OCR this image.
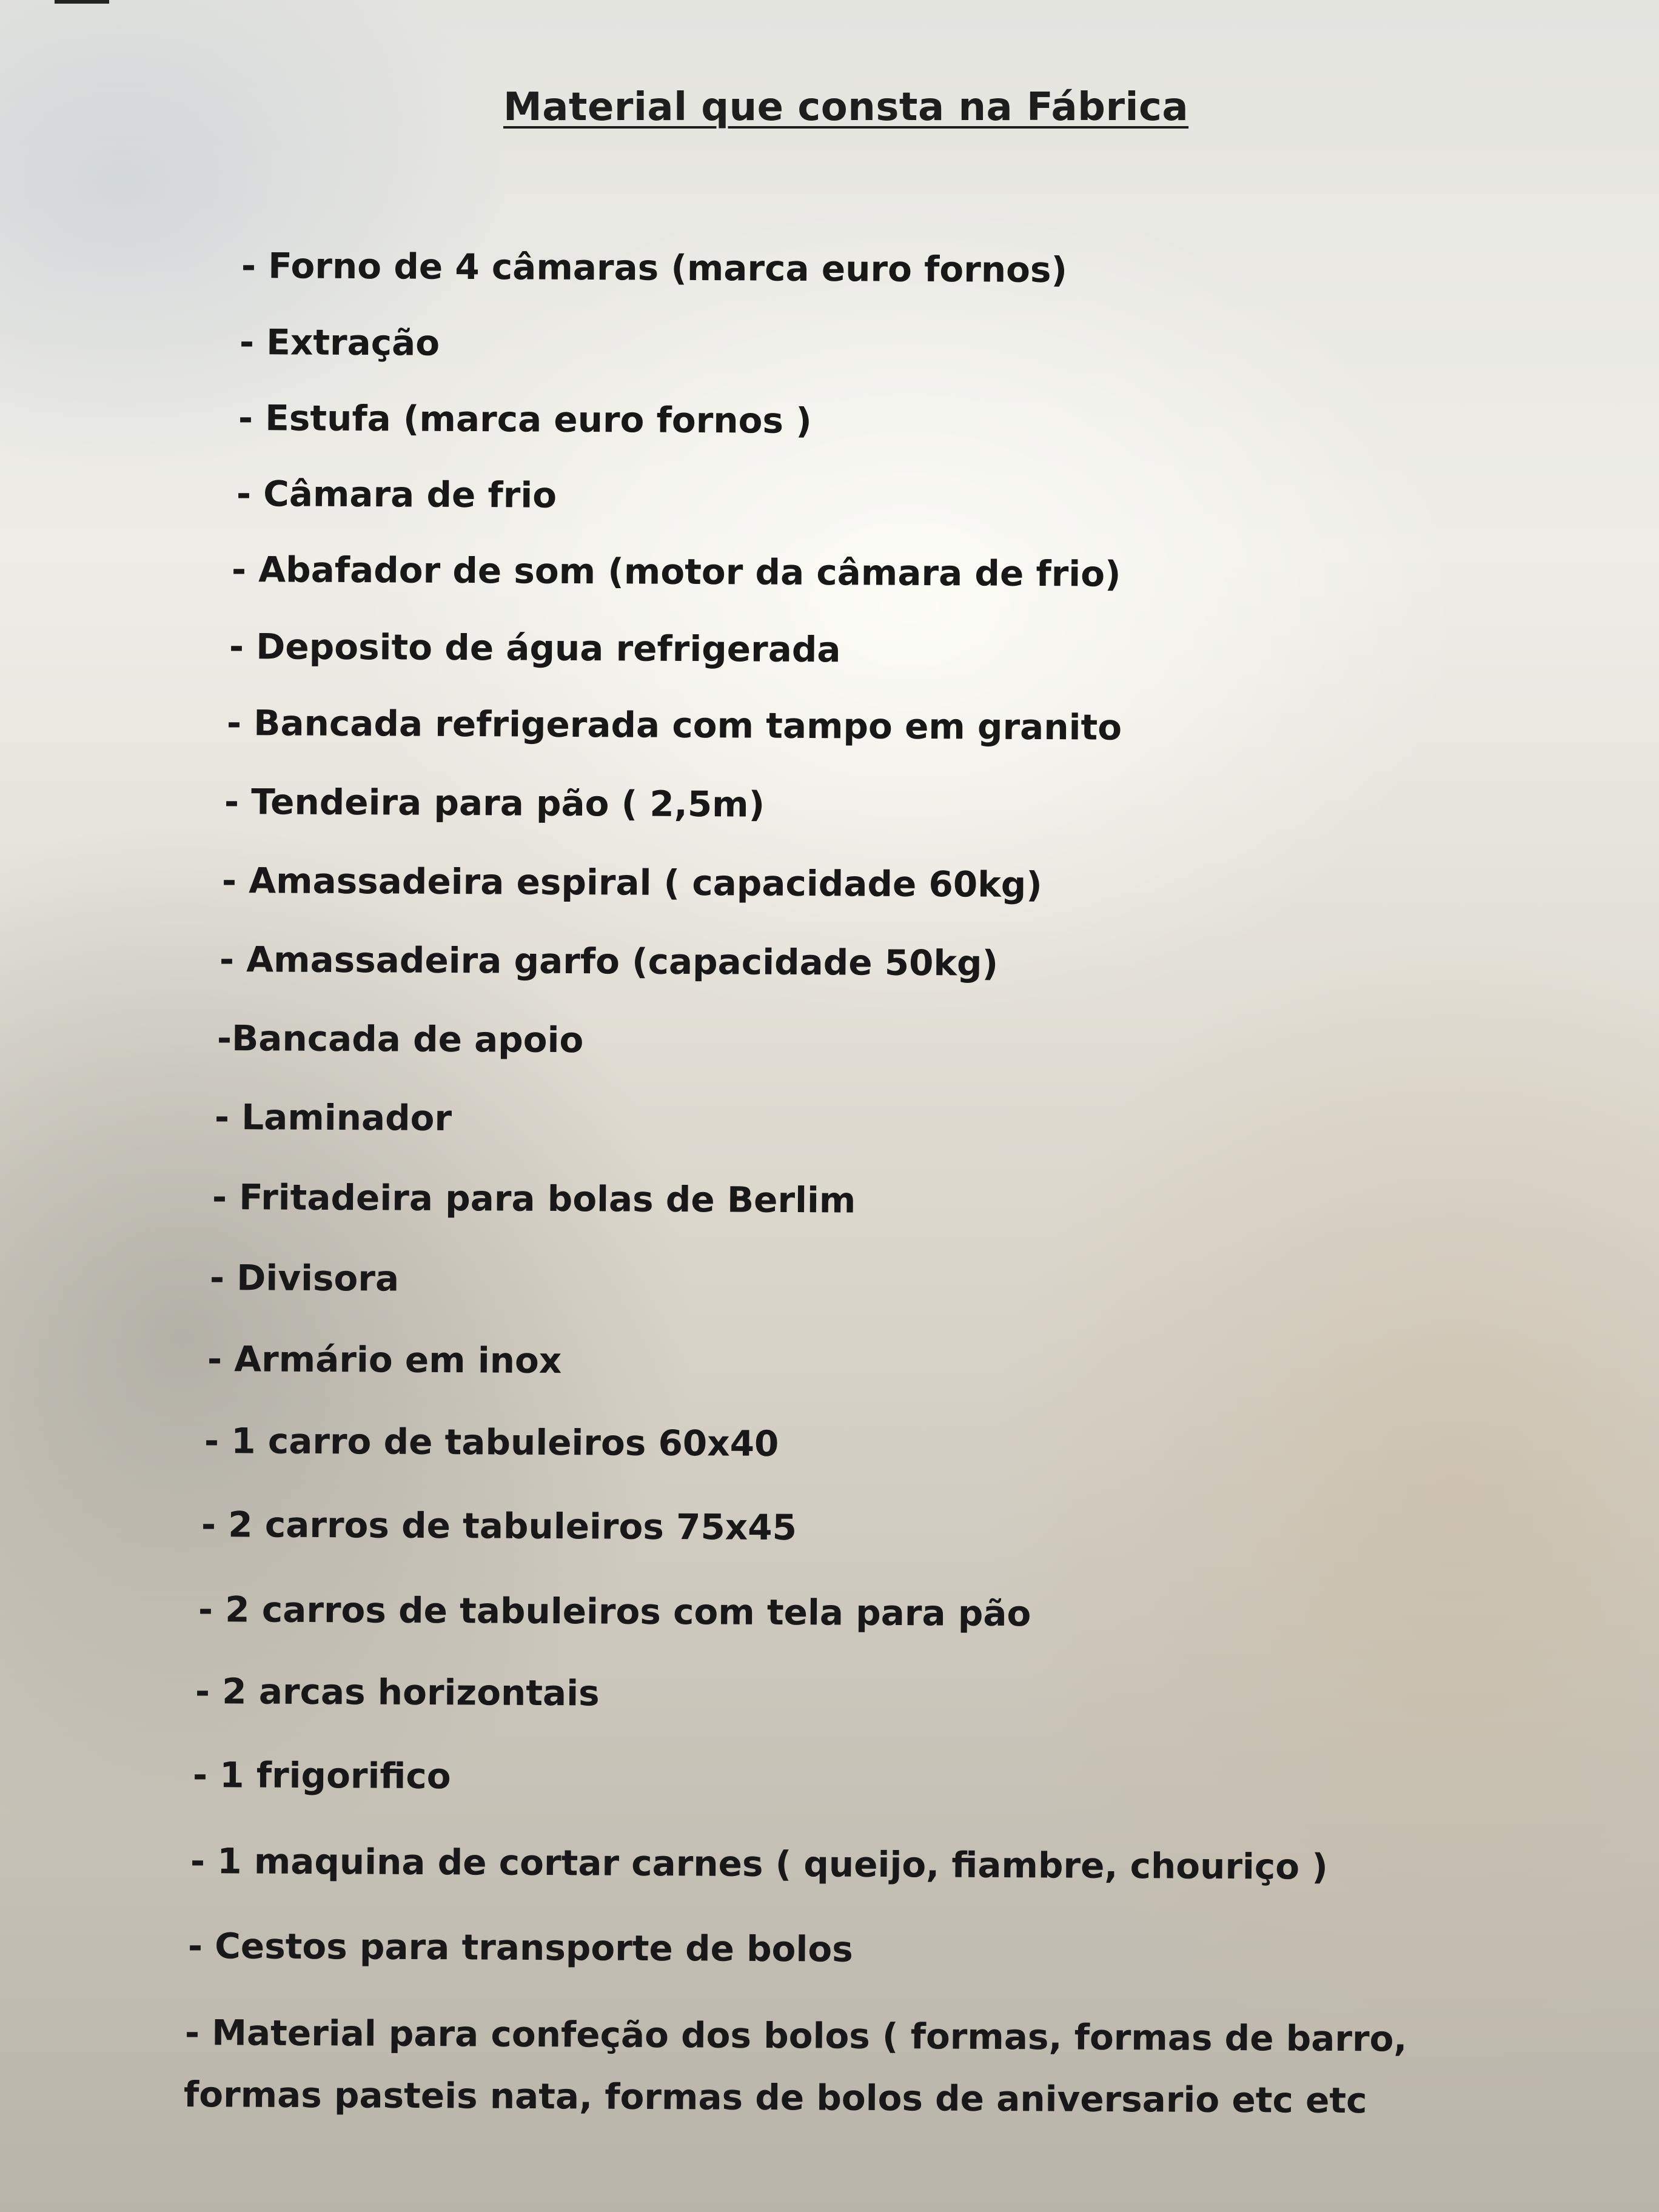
Material que consta na Fábrica
- Forno de 4 câmaras (marca euro fornos)
- Extração
- Estufa (marca euro fornos )
- Câmara de frio
- Abafador de som (motor da câmara de frio)
- Deposito de água refrigerada
- Bancada refrigerada com tampo em granito
- Tendeira para pão ( 2,5m)
- Amassadeira espiral ( capacidade 60kg)
- Amassadeira garfo (capacidade 50kg)
-Bancada de apoio
- Laminador
- Fritadeira para bolas de Berlim
- Divisora
- Armário em inox
- 1 carro de tabuleiros 60x40
- 2 carros de tabuleiros 75x45
- 2 carros de tabuleiros com tela para pão
- 2 arcas horizontais
- 1 frigorifico
- 1 maquina de cortar carnes ( queijo, fiambre, chouriço )
- Cestos para transporte de bolos
- Material para confeção dos bolos ( formas, formas de barro,
formas pasteis nata, formas de bolos de aniversario etc etc
